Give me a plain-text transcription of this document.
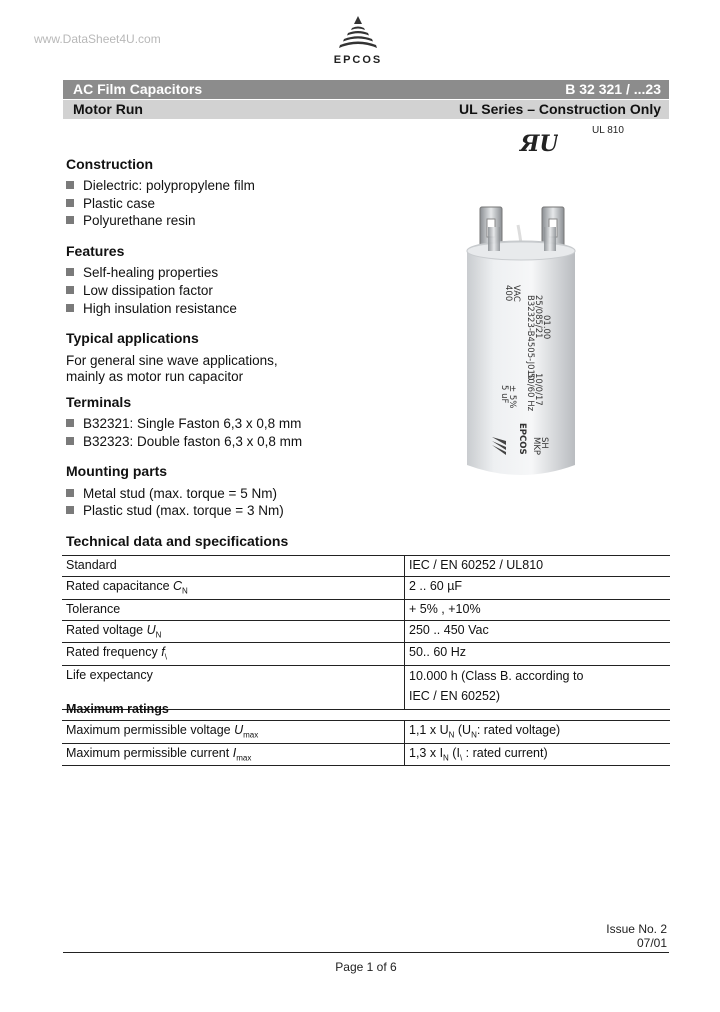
www.DataSheet4U.com
EPCOS
AC Film Capacitors	B 32 321 / ...23
Motor Run	UL Series – Construction Only
UL 810
ЯU
Construction
Dielectric: polypropylene film
Plastic case
Polyurethane resin
Features
Self-healing properties
Low dissipation factor
High insulation resistance
Typical applications
For general sine wave applications,
mainly as motor run capacitor
Terminals
B32321: Single Faston 6,3 x 0,8 mm
B32323: Double faston 6,3 x 0,8 mm
Mounting parts
Metal stud (max. torque = 5 Nm)
Plastic stud (max. torque = 3 Nm)
400
VAC
B32323-B4505-J010
25/085/21
01.00
5 uF
± 5% 50/60 Hz
10/0/17
EPCOS MKP
SH
Technical data and specifications
Standard	IEC / EN 60252 / UL810
Rated capacitance $C_N$	2 .. 60 µF
Tolerance	+ 5% , +10%
Rated voltage $U_N$	250 .. 450 Vac
Rated frequency $f_\backslash$	50.. 60 Hz
Life expectancy	10.000 h (Class B. according to
IEC / EN 60252)
Maximum ratings
Maximum permissible voltage $U_{max}$	1,1 x $U_N$ ($U_N$: rated voltage)
Maximum permissible current $I_{max}$	1,3 x $I_N$ ($I_\backslash$ : rated current)
Issue No. 2
07/01
Page 1 of 6
